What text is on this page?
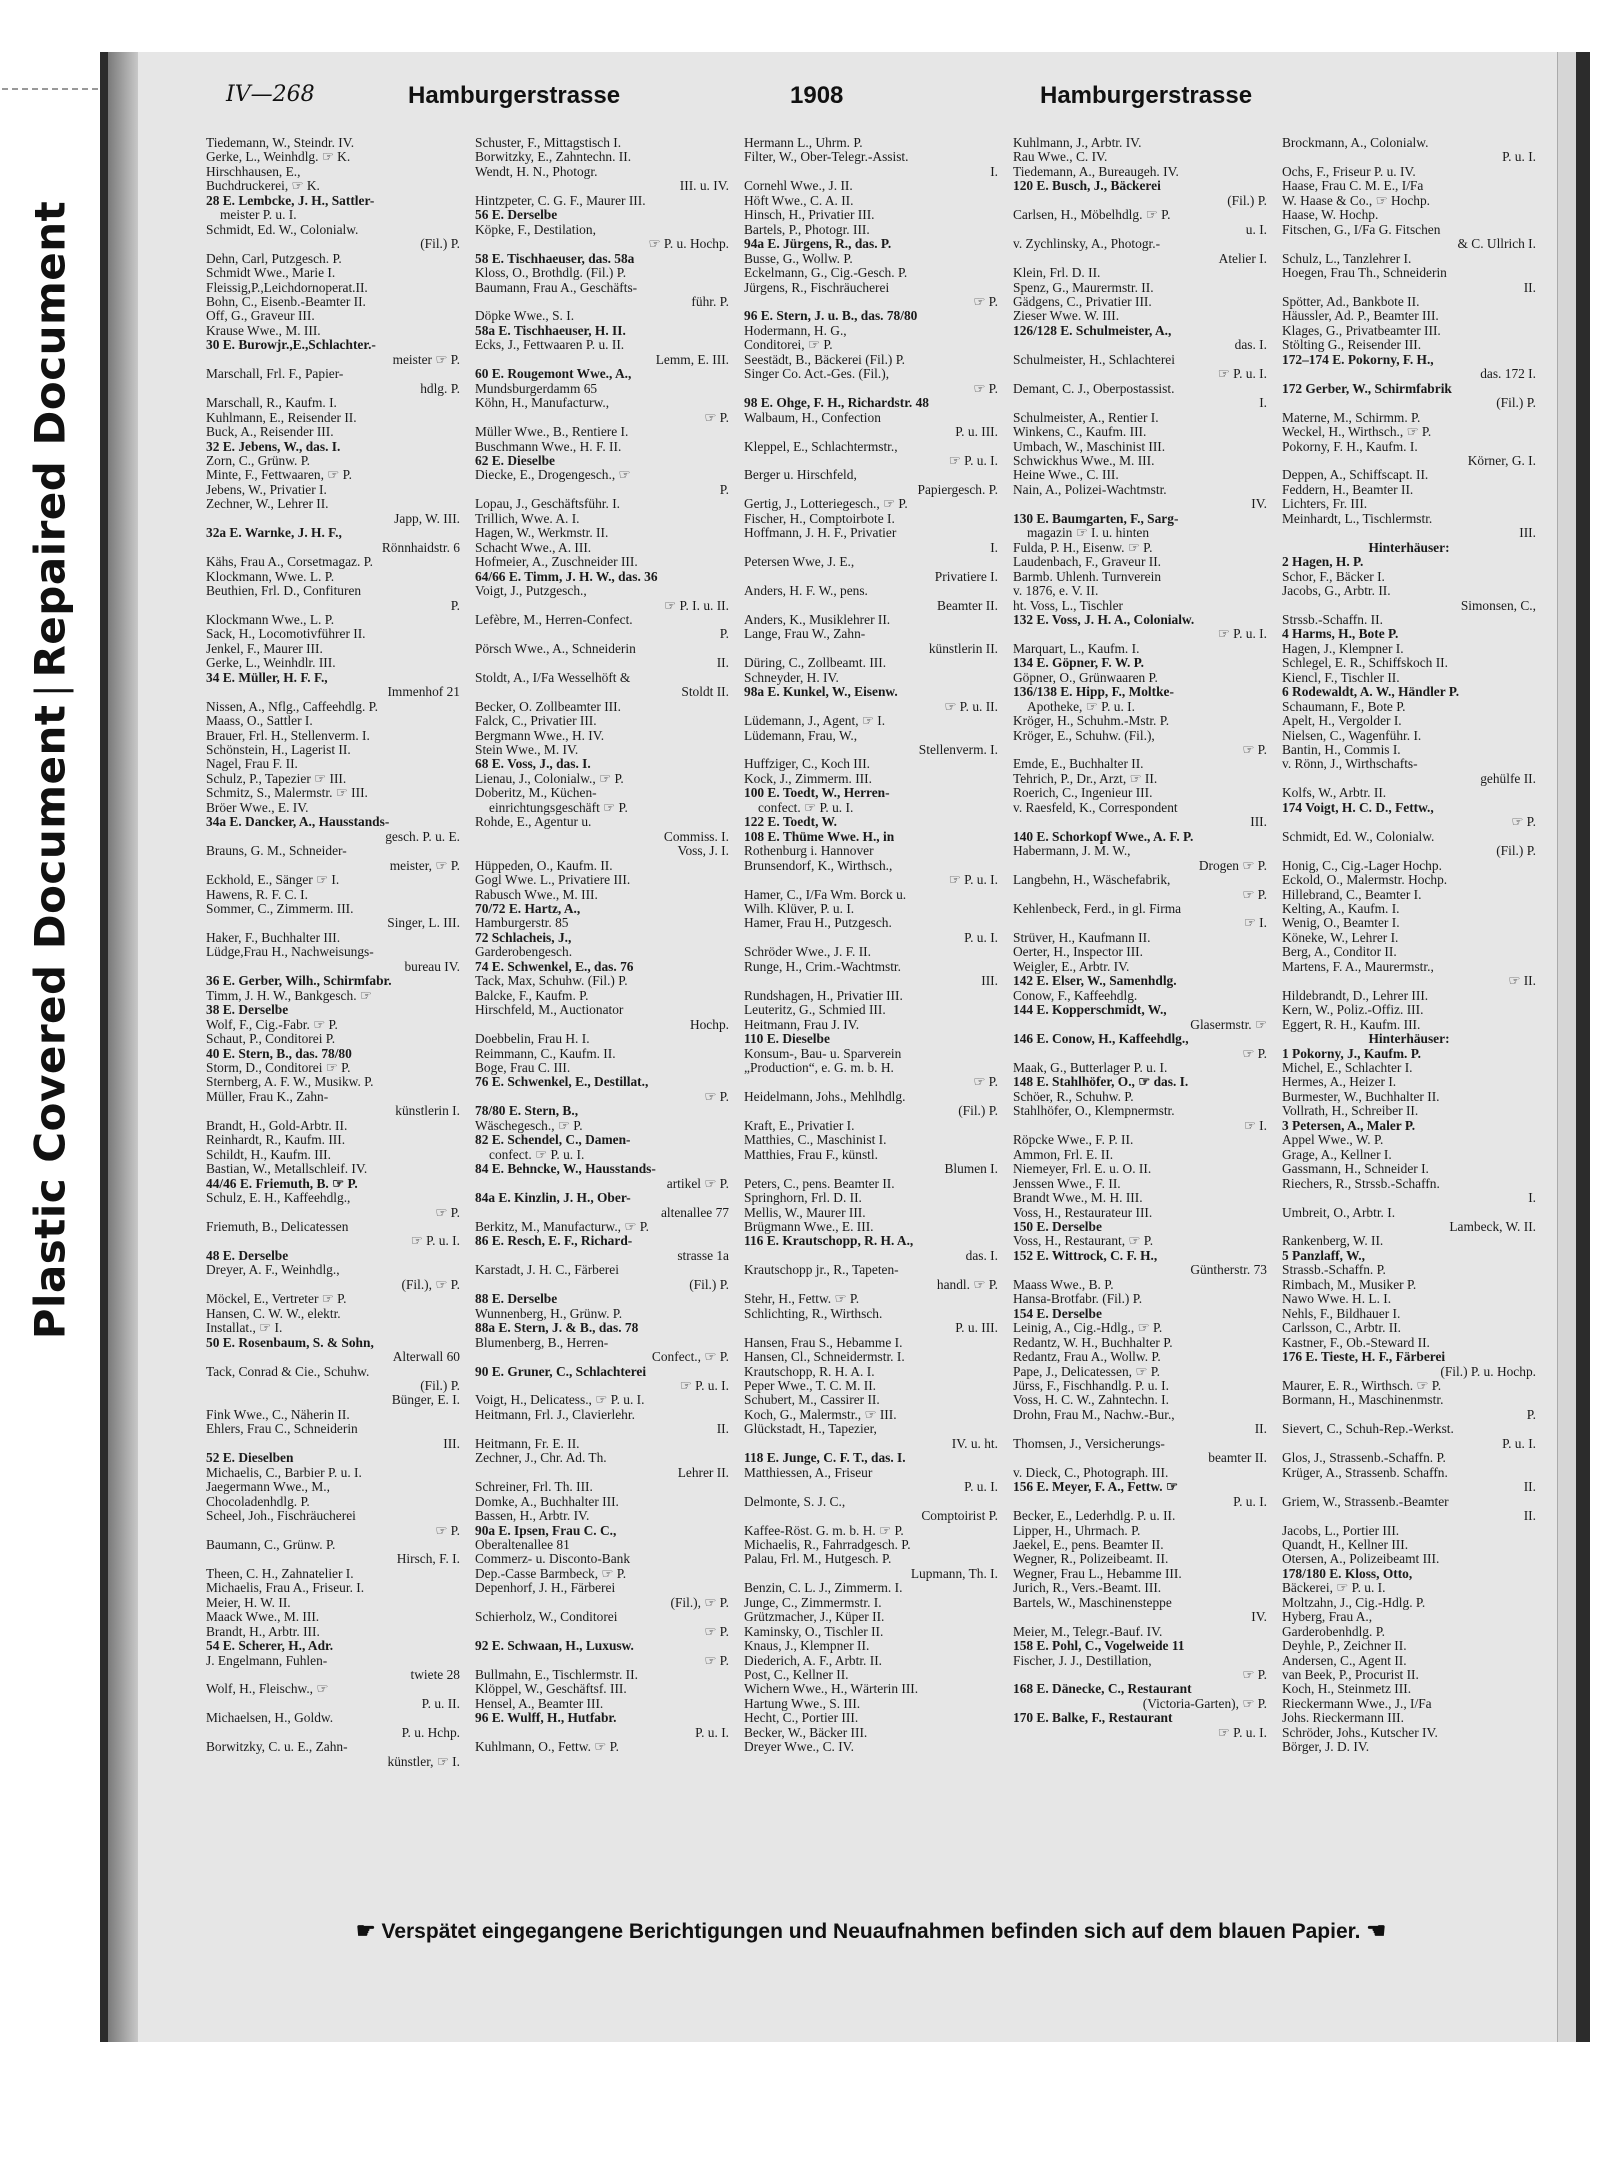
Plastic Covered DocumentRepaired Document
IV—268	Hamburgerstrasse	1908	Hamburgerstrasse
Tiedemann, W., Steindr. IV.
Gerke, L., Weinhdlg. ☞ K.
Hirschhausen, E.,
Buchdruckerei, ☞ K.
28 E. Lembcke, J. H., Sattler-
meister P. u. I.
Schmidt, Ed. W., Colonialw.
(Fil.) P.
Dehn, Carl, Putzgesch. P.
Schmidt Wwe., Marie I.
Fleissig,P.,Leichdornoperat.II.
Bohn, C., Eisenb.-Beamter II.
Off, G., Graveur III.
Krause Wwe., M. III.
30 E. Burowjr.,E.,Schlachter.-
meister ☞ P.
Marschall, Frl. F., Papier-
hdlg. P.
Marschall, R., Kaufm. I.
Kuhlmann, E., Reisender II.
Buck, A., Reisender III.
32 E. Jebens, W., das. I.
Zorn, C., Grünw. P.
Minte, F., Fettwaaren, ☞ P.
Jebens, W., Privatier I.
Zechner, W., Lehrer II.
Japp, W. III.
32a E. Warnke, J. H. F.,
Rönnhaidstr. 6
Kähs, Frau A., Corsetmagaz. P.
Klockmann, Wwe. L. P.
Beuthien, Frl. D., Confituren
P.
Klockmann Wwe., L. P.
Sack, H., Locomotivführer II.
Jenkel, F., Maurer III.
Gerke, L., Weinhdlr. III.
34 E. Müller, H. F. F.,
Immenhof 21
Nissen, A., Nflg., Caffeehdlg. P.
Maass, O., Sattler I.
Brauer, Frl. H., Stellenverm. I.
Schönstein, H., Lagerist II.
Nagel, Frau F. II.
Schulz, P., Tapezier ☞ III.
Schmitz, S., Malermstr. ☞ III.
Bröer Wwe., E. IV.
34a E. Dancker, A., Hausstands-
gesch. P. u. E.
Brauns, G. M., Schneider-
meister, ☞ P.
Eckhold, E., Sänger ☞ I.
Hawens, R. F. C. I.
Sommer, C., Zimmerm. III.
Singer, L. III.
Haker, F., Buchhalter III.
Lüdge,Frau H., Nachweisungs-
bureau IV.
36 E. Gerber, Wilh., Schirmfabr.
Timm, J. H. W., Bankgesch. ☞
38 E. Derselbe
Wolf, F., Cig.-Fabr. ☞ P.
Schaut, P., Conditorei P.
40 E. Stern, B., das. 78/80
Storm, D., Conditorei ☞ P.
Sternberg, A. F. W., Musikw. P.
Müller, Frau K., Zahn-
künstlerin I.
Brandt, H., Gold-Arbtr. II.
Reinhardt, R., Kaufm. III.
Schildt, H., Kaufm. III.
Bastian, W., Metallschleif. IV.
44/46 E. Friemuth, B. ☞ P.
Schulz, E. H., Kaffeehdlg.,
☞ P.
Friemuth, B., Delicatessen
☞ P. u. I.
48 E. Derselbe
Dreyer, A. F., Weinhdlg.,
(Fil.), ☞ P.
Möckel, E., Vertreter ☞ P.
Hansen, C. W. W., elektr.
Installat., ☞ I.
50 E. Rosenbaum, S. & Sohn,
Alterwall 60
Tack, Conrad & Cie., Schuhw.
(Fil.) P.
Bünger, E. I.
Fink Wwe., C., Näherin II.
Ehlers, Frau C., Schneiderin
III.
52 E. Dieselben
Michaelis, C., Barbier P. u. I.
Jaegermann Wwe., M.,
Chocoladenhdlg. P.
Scheel, Joh., Fischräucherei
☞ P.
Baumann, C., Grünw. P.
Hirsch, F. I.
Theen, C. H., Zahnatelier I.
Michaelis, Frau A., Friseur. I.
Meier, H. W. II.
Maack Wwe., M. III.
Brandt, H., Arbtr. III.
54 E. Scherer, H., Adr.
J. Engelmann, Fuhlen-
twiete 28
Wolf, H., Fleischw., ☞
P. u. II.
Michaelsen, H., Goldw.
P. u. Hchp.
Borwitzky, C. u. E., Zahn-
künstler, ☞ I.
Schuster, F., Mittagstisch I.
Borwitzky, E., Zahntechn. II.
Wendt, H. N., Photogr.
III. u. IV.
Hintzpeter, C. G. F., Maurer III.
56 E. Derselbe
Köpke, F., Destilation,
☞ P. u. Hochp.
58 E. Tischhaeuser, das. 58a
Kloss, O., Brothdlg. (Fil.) P.
Baumann, Frau A., Geschäfts-
führ. P.
Döpke Wwe., S. I.
58a E. Tischhaeuser, H. II.
Ecks, J., Fettwaaren P. u. II.
Lemm, E. III.
60 E. Rougemont Wwe., A.,
Mundsburgerdamm 65
Köhn, H., Manufacturw.,
☞ P.
Müller Wwe., B., Rentiere I.
Buschmann Wwe., H. F. II.
62 E. Dieselbe
Diecke, E., Drogengesch., ☞
P.
Lopau, J., Geschäftsführ. I.
Trillich, Wwe. A. I.
Hagen, W., Werkmstr. II.
Schacht Wwe., A. III.
Hofmeier, A., Zuschneider III.
64/66 E. Timm, J. H. W., das. 36
Voigt, J., Putzgesch.,
☞ P. I. u. II.
Lefèbre, M., Herren-Confect.
P.
Pörsch Wwe., A., Schneiderin
II.
Stoldt, A., I/Fa Wesselhöft &
Stoldt II.
Becker, O. Zollbeamter III.
Falck, C., Privatier III.
Bergmann Wwe., H. IV.
Stein Wwe., M. IV.
68 E. Voss, J., das. I.
Lienau, J., Colonialw., ☞ P.
Doberitz, M., Küchen-
einrichtungsgeschäft ☞ P.
Rohde, E., Agentur u.
Commiss. I.
Voss, J. I.
Hüppeden, O., Kaufm. II.
Gogl Wwe. L., Privatiere III.
Rabusch Wwe., M. III.
70/72 E. Hartz, A.,
Hamburgerstr. 85
72 Schlacheis, J.,
Garderobengesch.
74 E. Schwenkel, E., das. 76
Tack, Max, Schuhw. (Fil.) P.
Balcke, F., Kaufm. P.
Hirschfeld, M., Auctionator
Hochp.
Doebbelin, Frau H. I.
Reimmann, C., Kaufm. II.
Boge, Frau C. III.
76 E. Schwenkel, E., Destillat.,
☞ P.
78/80 E. Stern, B.,
Wäschegesch., ☞ P.
82 E. Schendel, C., Damen-
confect. ☞ P. u. I.
84 E. Behncke, W., Hausstands-
artikel ☞ P.
84a E. Kinzlin, J. H., Ober-
altenallee 77
Berkitz, M., Manufacturw., ☞ P.
86 E. Resch, E. F., Richard-
strasse 1a
Karstadt, J. H. C., Färberei
(Fil.) P.
88 E. Derselbe
Wunnenberg, H., Grünw. P.
88a E. Stern, J. & B., das. 78
Blumenberg, B., Herren-
Confect., ☞ P.
90 E. Gruner, C., Schlachterei
☞ P. u. I.
Voigt, H., Delicatess., ☞ P. u. I.
Heitmann, Frl. J., Clavierlehr.
II.
Heitmann, Fr. E. II.
Zechner, J., Chr. Ad. Th.
Lehrer II.
Schreiner, Frl. Th. III.
Domke, A., Buchhalter III.
Bassen, H., Arbtr. IV.
90a E. Ipsen, Frau C. C.,
Oberaltenallee 81
Commerz- u. Disconto-Bank
Dep.-Casse Barmbeck, ☞ P.
Depenhorf, J. H., Färberei
(Fil.), ☞ P.
Schierholz, W., Conditorei
☞ P.
92 E. Schwaan, H., Luxusw.
☞ P.
Bullmahn, E., Tischlermstr. II.
Klöppel, W., Geschäftsf. III.
Hensel, A., Beamter III.
96 E. Wulff, H., Hutfabr.
P. u. I.
Kuhlmann, O., Fettw. ☞ P.
Hermann L., Uhrm. P.
Filter, W., Ober-Telegr.-Assist.
I.
Cornehl Wwe., J. II.
Höft Wwe., C. A. II.
Hinsch, H., Privatier III.
Bartels, P., Photogr. III.
94a E. Jürgens, R., das. P.
Busse, G., Wollw. P.
Eckelmann, G., Cig.-Gesch. P.
Jürgens, R., Fischräucherei
☞ P.
96 E. Stern, J. u. B., das. 78/80
Hodermann, H. G.,
Conditorei, ☞ P.
Seestädt, B., Bäckerei (Fil.) P.
Singer Co. Act.-Ges. (Fil.),
☞ P.
98 E. Ohge, F. H., Richardstr. 48
Walbaum, H., Confection
P. u. III.
Kleppel, E., Schlachtermstr.,
☞ P. u. I.
Berger u. Hirschfeld,
Papiergesch. P.
Gertig, J., Lotteriegesch., ☞ P.
Fischer, H., Comptoirbote I.
Hoffmann, J. H. F., Privatier
I.
Petersen Wwe, J. E.,
Privatiere I.
Anders, H. F. W., pens.
Beamter II.
Anders, K., Musiklehrer II.
Lange, Frau W., Zahn-
künstlerin II.
Düring, C., Zollbeamt. III.
Schneyder, H. IV.
98a E. Kunkel, W., Eisenw.
☞ P. u. II.
Lüdemann, J., Agent, ☞ I.
Lüdemann, Frau, W.,
Stellenverm. I.
Huffziger, C., Koch III.
Kock, J., Zimmerm. III.
100 E. Toedt, W., Herren-
confect. ☞ P. u. I.
122 E. Toedt, W.
108 E. Thüme Wwe. H., in
Rothenburg i. Hannover
Brunsendorf, K., Wirthsch.,
☞ P. u. I.
Hamer, C., I/Fa Wm. Borck u.
Wilh. Klüver, P. u. I.
Hamer, Frau H., Putzgesch.
P. u. I.
Schröder Wwe., J. F. II.
Runge, H., Crim.-Wachtmstr.
III.
Rundshagen, H., Privatier III.
Leuteritz, G., Schmied III.
Heitmann, Frau J. IV.
110 E. Dieselbe
Konsum-, Bau- u. Sparverein
„Production“, e. G. m. b. H.
☞ P.
Heidelmann, Johs., Mehlhdlg.
(Fil.) P.
Kraft, E., Privatier I.
Matthies, C., Maschinist I.
Matthies, Frau F., künstl.
Blumen I.
Peters, C., pens. Beamter II.
Springhorn, Frl. D. II.
Mellis, W., Maurer III.
Brügmann Wwe., E. III.
116 E. Krautschopp, R. H. A.,
das. I.
Krautschopp jr., R., Tapeten-
handl. ☞ P.
Stehr, H., Fettw. ☞ P.
Schlichting, R., Wirthsch.
P. u. III.
Hansen, Frau S., Hebamme I.
Hansen, Cl., Schneidermstr. I.
Krautschopp, R. H. A. I.
Peper Wwe., T. C. M. II.
Schubert, M., Cassirer II.
Koch, G., Malermstr., ☞ III.
Glückstadt, H., Tapezier,
IV. u. ht.
118 E. Junge, C. F. T., das. I.
Matthiessen, A., Friseur
P. u. I.
Delmonte, S. J. C.,
Comptoirist P.
Kaffee-Röst. G. m. b. H. ☞ P.
Michaelis, R., Fahrradgesch. P.
Palau, Frl. M., Hutgesch. P.
Lupmann, Th. I.
Benzin, C. L. J., Zimmerm. I.
Junge, C., Zimmermstr. I.
Grützmacher, J., Küper II.
Kaminsky, O., Tischler II.
Knaus, J., Klempner II.
Diederich, A. F., Arbtr. II.
Post, C., Kellner II.
Wichern Wwe., H., Wärterin III.
Hartung Wwe., S. III.
Hecht, C., Portier III.
Becker, W., Bäcker III.
Dreyer Wwe., C. IV.
Kuhlmann, J., Arbtr. IV.
Rau Wwe., C. IV.
Tiedemann, A., Bureaugeh. IV.
120 E. Busch, J., Bäckerei
(Fil.) P.
Carlsen, H., Möbelhdlg. ☞ P.
u. I.
v. Zychlinsky, A., Photogr.-
Atelier I.
Klein, Frl. D. II.
Spenz, G., Maurermstr. II.
Gädgens, C., Privatier III.
Zieser Wwe. W. III.
126/128 E. Schulmeister, A.,
das. I.
Schulmeister, H., Schlachterei
☞ P. u. I.
Demant, C. J., Oberpostassist.
I.
Schulmeister, A., Rentier I.
Winkens, C., Kaufm. III.
Umbach, W., Maschinist III.
Schwickhus Wwe., M. III.
Heine Wwe., C. III.
Nain, A., Polizei-Wachtmstr.
IV.
130 E. Baumgarten, F., Sarg-
magazin ☞ I. u. hinten
Fulda, P. H., Eisenw. ☞ P.
Laudenbach, F., Graveur II.
Barmb. Uhlenh. Turnverein
v. 1876, e. V. II.
ht. Voss, L., Tischler
132 E. Voss, J. H. A., Colonialw.
☞ P. u. I.
Marquart, L., Kaufm. I.
134 E. Göpner, F. W. P.
Göpner, O., Grünwaaren P.
136/138 E. Hipp, F., Moltke-
Apotheke, ☞ P. u. I.
Kröger, H., Schuhm.-Mstr. P.
Kröger, E., Schuhw. (Fil.),
☞ P.
Emde, E., Buchhalter II.
Tehrich, P., Dr., Arzt, ☞ II.
Roerich, C., Ingenieur III.
v. Raesfeld, K., Correspondent
III.
140 E. Schorkopf Wwe., A. F. P.
Habermann, J. M. W.,
Drogen ☞ P.
Langbehn, H., Wäschefabrik,
☞ P.
Kehlenbeck, Ferd., in gl. Firma
☞ I.
Strüver, H., Kaufmann II.
Oerter, H., Inspector III.
Weigler, E., Arbtr. IV.
142 E. Elser, W., Samenhdlg.
Conow, F., Kaffeehdlg.
144 E. Kopperschmidt, W.,
Glasermstr. ☞
146 E. Conow, H., Kaffeehdlg.,
☞ P.
Maak, G., Butterlager P. u. I.
148 E. Stahlhöfer, O., ☞ das. I.
Schöer, R., Schuhw. P.
Stahlhöfer, O., Klempnermstr.
☞ I.
Röpcke Wwe., F. P. II.
Ammon, Frl. E. II.
Niemeyer, Frl. E. u. O. II.
Jenssen Wwe., F. II.
Brandt Wwe., M. H. III.
Voss, H., Restaurateur III.
150 E. Derselbe
Voss, H., Restaurant, ☞ P.
152 E. Wittrock, C. F. H.,
Güntherstr. 73
Maass Wwe., B. P.
Hansa-Brotfabr. (Fil.) P.
154 E. Derselbe
Leinig, A., Cig.-Hdlg., ☞ P.
Redantz, W. H., Buchhalter P.
Redantz, Frau A., Wollw. P.
Pape, J., Delicatessen, ☞ P.
Jürss, F., Fischhandlg. P. u. I.
Voss, H. C. W., Zahntechn. I.
Drohn, Frau M., Nachw.-Bur.,
II.
Thomsen, J., Versicherungs-
beamter II.
v. Dieck, C., Photograph. III.
156 E. Meyer, F. A., Fettw. ☞
P. u. I.
Becker, E., Lederhdlg. P. u. II.
Lipper, H., Uhrmach. P.
Jaekel, E., pens. Beamter II.
Wegner, R., Polizeibeamt. II.
Wegner, Frau L., Hebamme III.
Jurich, R., Vers.-Beamt. III.
Bartels, W., Maschinensteppe
IV.
Meier, M., Telegr.-Bauf. IV.
158 E. Pohl, C., Vogelweide 11
Fischer, J. J., Destillation,
☞ P.
168 E. Dänecke, C., Restaurant
(Victoria-Garten), ☞ P.
170 E. Balke, F., Restaurant
☞ P. u. I.
Brockmann, A., Colonialw.
P. u. I.
Ochs, F., Friseur P. u. IV.
Haase, Frau C. M. E., I/Fa
W. Haase & Co., ☞ Hochp.
Haase, W. Hochp.
Fitschen, G., I/Fa G. Fitschen
& C. Ullrich I.
Schulz, L., Tanzlehrer I.
Hoegen, Frau Th., Schneiderin
II.
Spötter, Ad., Bankbote II.
Häussler, Ad. P., Beamter III.
Klages, G., Privatbeamter III.
Stölting G., Reisender III.
172–174 E. Pokorny, F. H.,
das. 172 I.
172 Gerber, W., Schirmfabrik
(Fil.) P.
Materne, M., Schirmm. P.
Weckel, H., Wirthsch., ☞ P.
Pokorny, F. H., Kaufm. I.
Körner, G. I.
Deppen, A., Schiffscapt. II.
Feddern, H., Beamter II.
Lichters, Fr. III.
Meinhardt, L., Tischlermstr.
III.
Hinterhäuser:
2 Hagen, H. P.
Schor, F., Bäcker I.
Jacobs, G., Arbtr. II.
Simonsen, C.,
Strssb.-Schaffn. II.
4 Harms, H., Bote P.
Hagen, J., Klempner I.
Schlegel, E. R., Schiffskoch II.
Kiencl, F., Tischler II.
6 Rodewaldt, A. W., Händler P.
Schaumann, F., Bote P.
Apelt, H., Vergolder I.
Nielsen, C., Wagenführ. I.
Bantin, H., Commis I.
v. Rönn, J., Wirthschafts-
gehülfe II.
Kolfs, W., Arbtr. II.
174 Voigt, H. C. D., Fettw.,
☞ P.
Schmidt, Ed. W., Colonialw.
(Fil.) P.
Honig, C., Cig.-Lager Hochp.
Eckold, O., Malermstr. Hochp.
Hillebrand, C., Beamter I.
Kelting, A., Kaufm. I.
Wenig, O., Beamter I.
Köneke, W., Lehrer I.
Berg, A., Conditor II.
Martens, F. A., Maurermstr.,
☞ II.
Hildebrandt, D., Lehrer III.
Kern, W., Poliz.-Offiz. III.
Eggert, R. H., Kaufm. III.
Hinterhäuser:
1 Pokorny, J., Kaufm. P.
Michel, E., Schlachter I.
Hermes, A., Heizer I.
Burmester, W., Buchhalter II.
Vollrath, H., Schreiber II.
3 Petersen, A., Maler P.
Appel Wwe., W. P.
Grage, A., Kellner I.
Gassmann, H., Schneider I.
Riechers, R., Strssb.-Schaffn.
I.
Umbreit, O., Arbtr. I.
Lambeck, W. II.
Rankenberg, W. II.
5 Panzlaff, W.,
Strassb.-Schaffn. P.
Rimbach, M., Musiker P.
Nawo Wwe. H. L. I.
Nehls, F., Bildhauer I.
Carlsson, C., Arbtr. II.
Kastner, F., Ob.-Steward II.
176 E. Tieste, H. F., Färberei
(Fil.) P. u. Hochp.
Maurer, E. R., Wirthsch. ☞ P.
Bormann, H., Maschinenmstr.
P.
Sievert, C., Schuh-Rep.-Werkst.
P. u. I.
Glos, J., Strassenb.-Schaffn. P.
Krüger, A., Strassenb. Schaffn.
II.
Griem, W., Strassenb.-Beamter
II.
Jacobs, L., Portier III.
Quandt, H., Kellner III.
Otersen, A., Polizeibeamt III.
178/180 E. Kloss, Otto,
Bäckerei, ☞ P. u. I.
Moltzahn, J., Cig.-Hdlg. P.
Hyberg, Frau A.,
Garderobenhdlg. P.
Deyhle, P., Zeichner II.
Andersen, C., Agent II.
van Beek, P., Procurist II.
Koch, H., Steinmetz III.
Rieckermann Wwe., J., I/Fa
Johs. Rieckermann III.
Schröder, Johs., Kutscher IV.
Börger, J. D. IV.
☛ Verspätet eingegangene Berichtigungen und Neuaufnahmen befinden sich auf dem blauen Papier. ☚
